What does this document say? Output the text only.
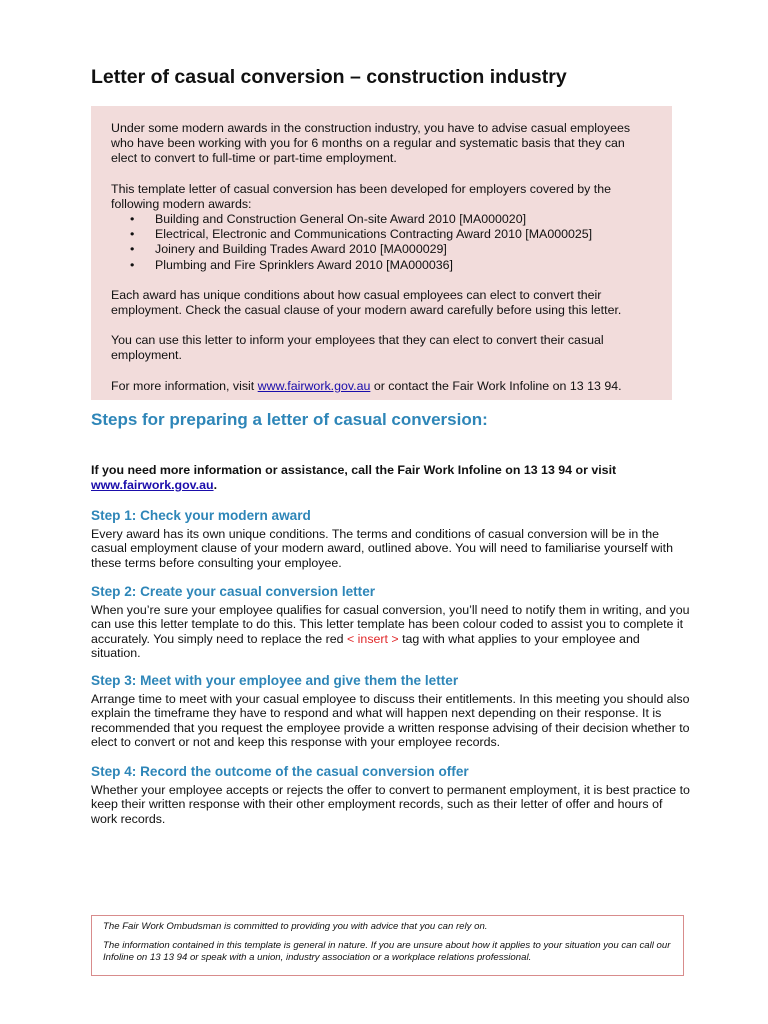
Letter of casual conversion – construction industry

Under some modern awards in the construction industry, you have to advise casual employees who have been working with you for 6 months on a regular and systematic basis that they can elect to convert to full-time or part-time employment.

This template letter of casual conversion has been developed for employers covered by the following modern awards:

• Building and Construction General On-site Award 2010 [MA000020]
• Electrical, Electronic and Communications Contracting Award 2010 [MA000025]
• Joinery and Building Trades Award 2010 [MA000029]
• Plumbing and Fire Sprinklers Award 2010 [MA000036]

Each award has unique conditions about how casual employees can elect to convert their employment. Check the casual clause of your modern award carefully before using this letter.

You can use this letter to inform your employees that they can elect to convert their casual employment.

For more information, visit www.fairwork.gov.au or contact the Fair Work Infoline on 13 13 94.

Steps for preparing a letter of casual conversion:

If you need more information or assistance, call the Fair Work Infoline on 13 13 94 or visit www.fairwork.gov.au.

Step 1: Check your modern award

Every award has its own unique conditions. The terms and conditions of casual conversion will be in the casual employment clause of your modern award, outlined above. You will need to familiarise yourself with these terms before consulting your employee.

Step 2: Create your casual conversion letter

When you’re sure your employee qualifies for casual conversion, you’ll need to notify them in writing, and you can use this letter template to do this. This letter template has been colour coded to assist you to complete it accurately. You simply need to replace the red < insert > tag with what applies to your employee and situation.

Step 3: Meet with your employee and give them the letter

Arrange time to meet with your casual employee to discuss their entitlements. In this meeting you should also explain the timeframe they have to respond and what will happen next depending on their response. It is recommended that you request the employee provide a written response advising of their decision whether to elect to convert or not and keep this response with your employee records.

Step 4: Record the outcome of the casual conversion offer

Whether your employee accepts or rejects the offer to convert to permanent employment, it is best practice to keep their written response with their other employment records, such as their letter of offer and hours of work records.

The Fair Work Ombudsman is committed to providing you with advice that you can rely on.

The information contained in this template is general in nature. If you are unsure about how it applies to your situation you can call our Infoline on 13 13 94 or speak with a union, industry association or a workplace relations professional.
